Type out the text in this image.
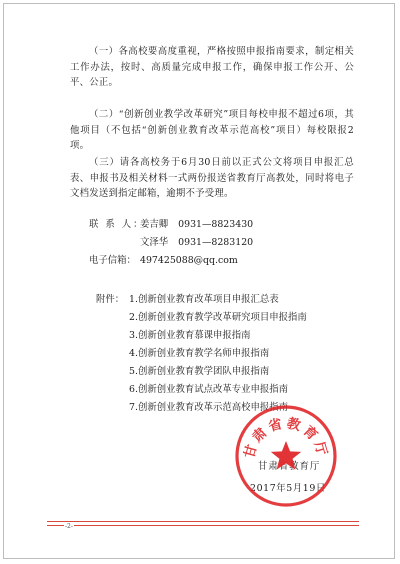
（一）各高校要高度重视，严格按照申报指南要求，制定相关工作办法，按时、高质量完成申报工作，确保申报工作公开、公平、公正。

（二）“创新创业教学改革研究”项目每校申报不超过6项，其他项目（不包括“创新创业教育改革示范高校”项目）每校限报2项。

（三）请各高校务于6月30日前以正式公文将项目申报汇总表、申报书及相关材料一式两份报送省教育厅高教处，同时将电子文档发送到指定邮箱，逾期不予受理。

联 系 人：姜吉卿 0931—8823430
文泽华 0931—8283120
电子信箱： 497425088@qq.com
附件： 1.创新创业教育改革项目申报汇总表
2.创新创业教育教学改革研究项目申报指南
3.创新创业教育慕课申报指南
4.创新创业教育教学名师申报指南
5.创新创业教育教学团队申报指南
6.创新创业教育试点改革专业申报指南
7.创新创业教育改革示范高校申报指南
甘肃省教育厅
2017年5月19日
甘肃省教育厅
-2-
